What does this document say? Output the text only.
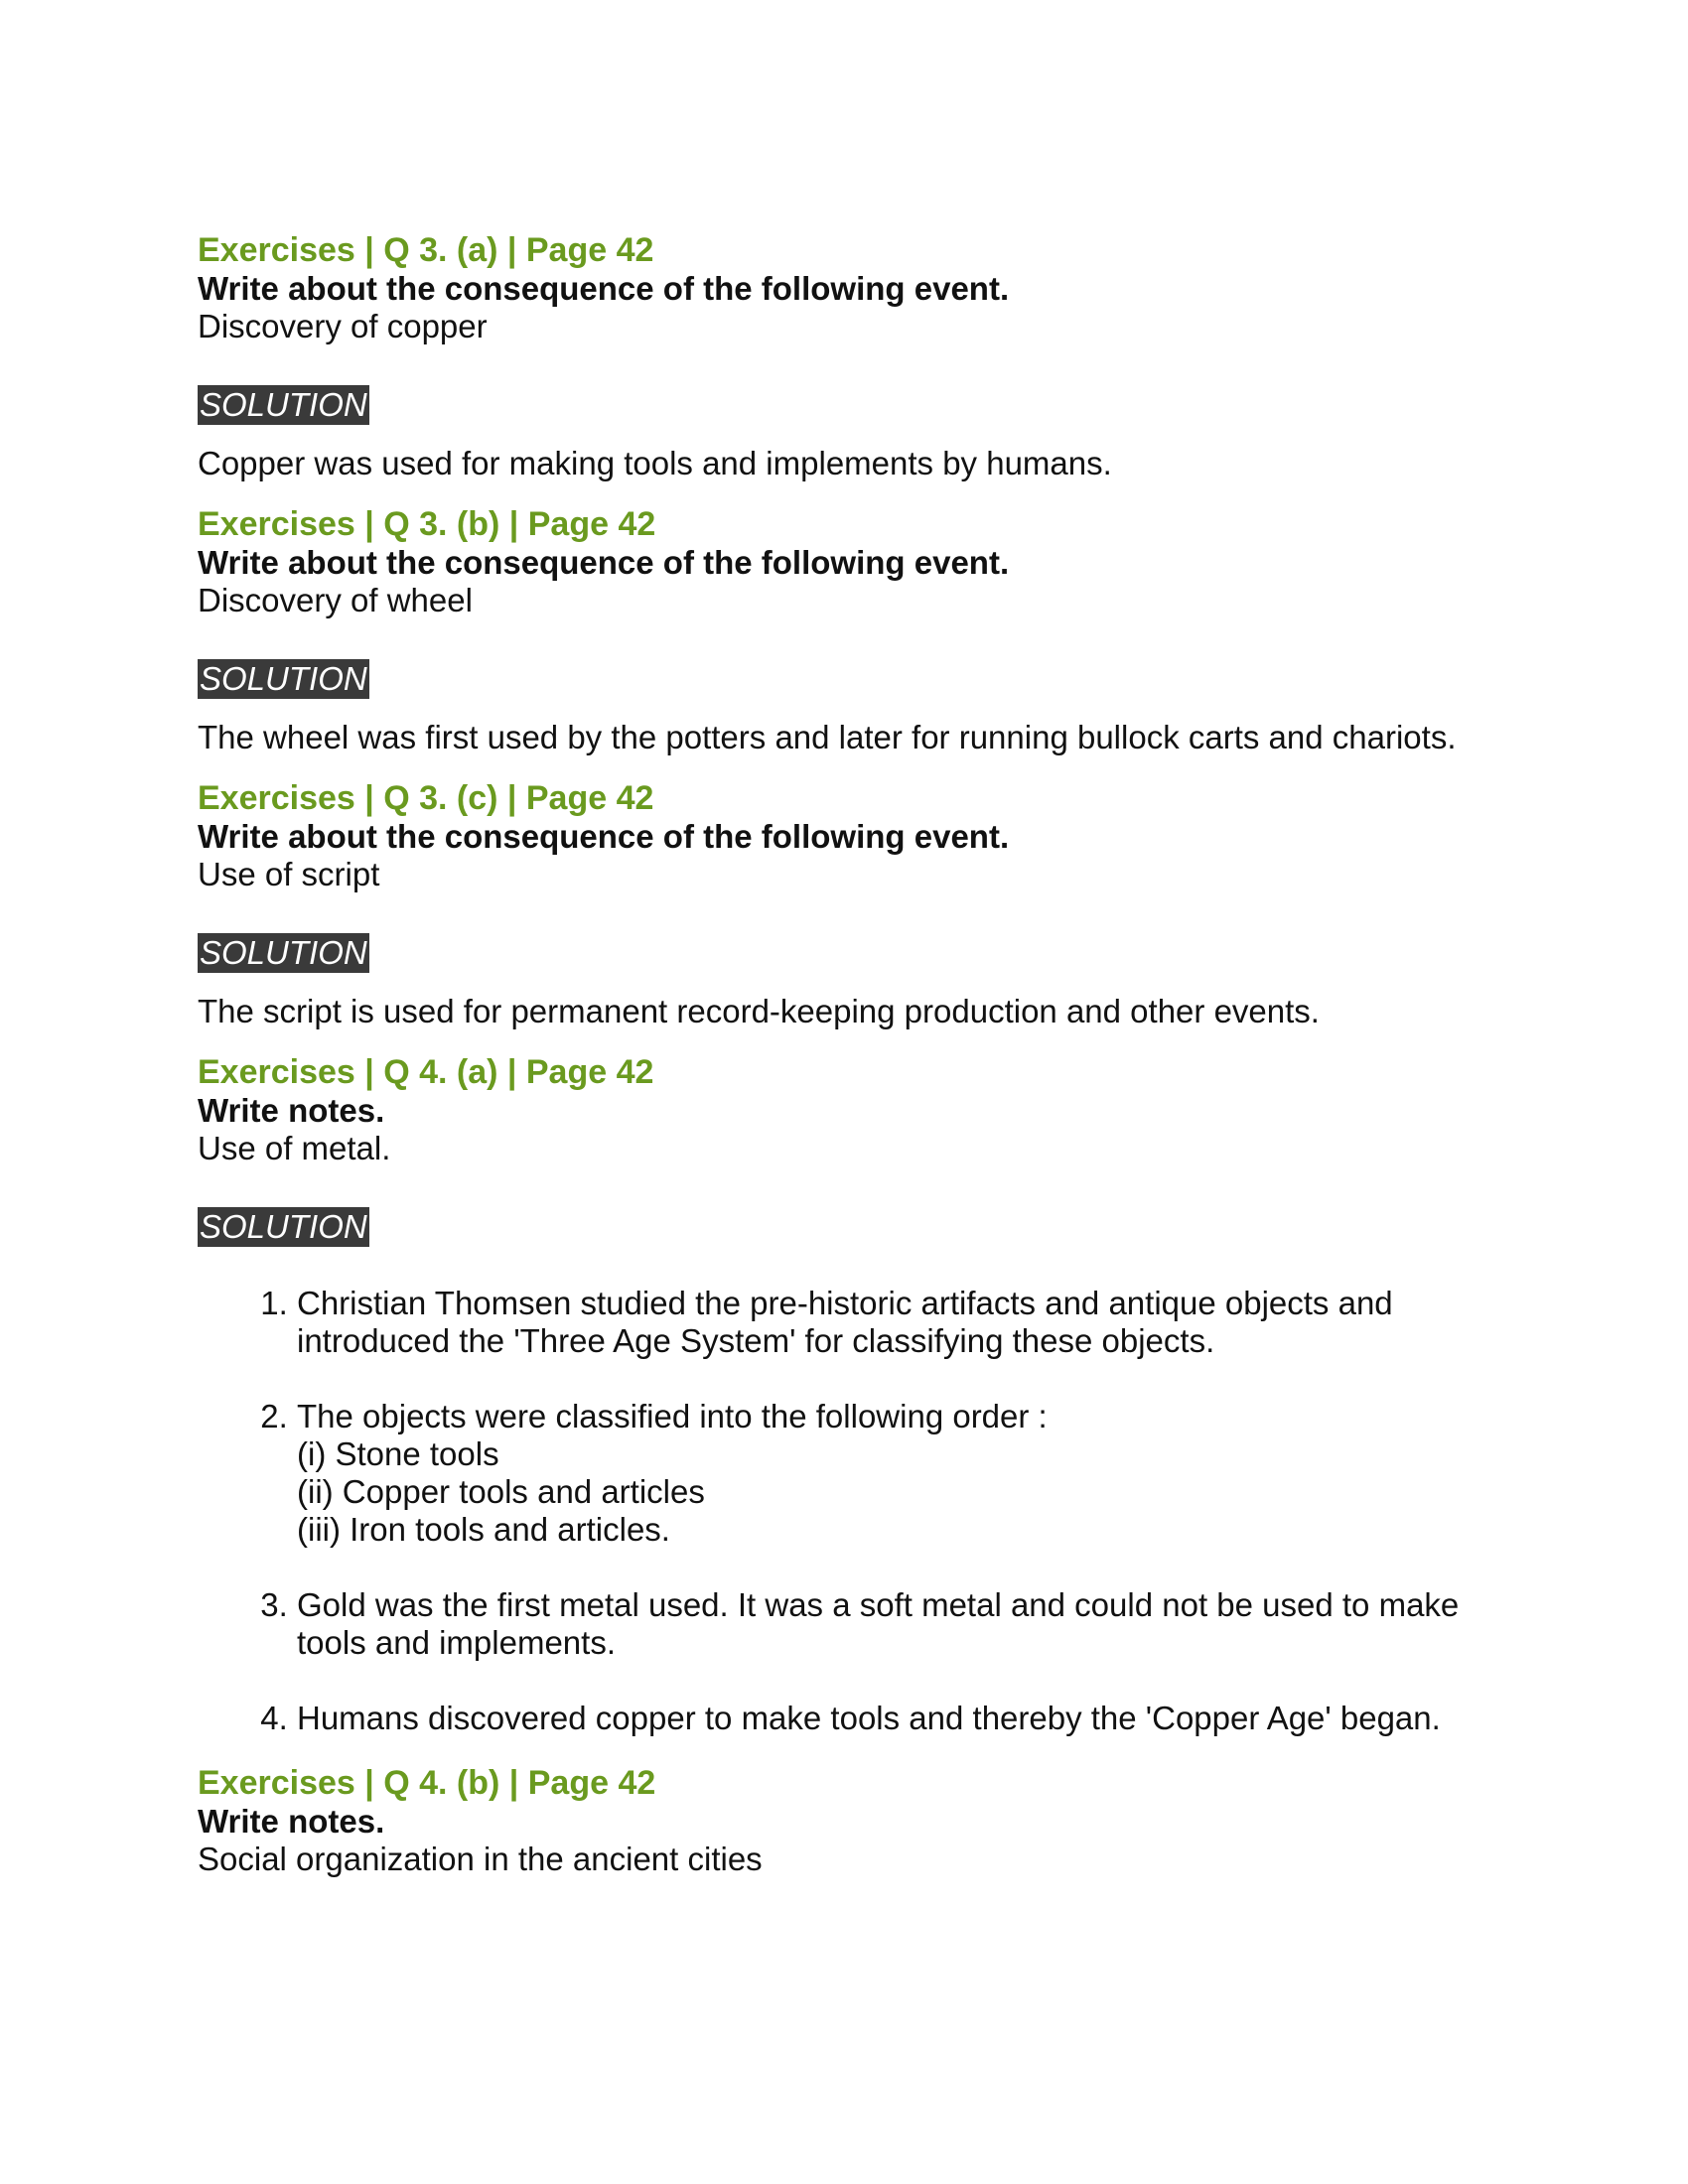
Exercises | Q 3. (a) | Page 42

Write about the consequence of the following event.

Discovery of copper

SOLUTION

Copper was used for making tools and implements by humans.

Exercises | Q 3. (b) | Page 42

Write about the consequence of the following event.

Discovery of wheel

SOLUTION

The wheel was first used by the potters and later for running bullock carts and chariots.

Exercises | Q 3. (c) | Page 42

Write about the consequence of the following event.

Use of script

SOLUTION

The script is used for permanent record-keeping production and other events.

Exercises | Q 4. (a) | Page 42

Write notes.

Use of metal.

SOLUTION
1. Christian Thomsen studied the pre-historic artifacts and antique objects and introduced the 'Three Age System' for classifying these objects.
2. The objects were classified into the following order :
(i) Stone tools
(ii) Copper tools and articles
(iii) Iron tools and articles.
3. Gold was the first metal used. It was a soft metal and could not be used to make tools and implements.
4. Humans discovered copper to make tools and thereby the 'Copper Age' began.

Exercises | Q 4. (b) | Page 42

Write notes.

Social organization in the ancient cities
